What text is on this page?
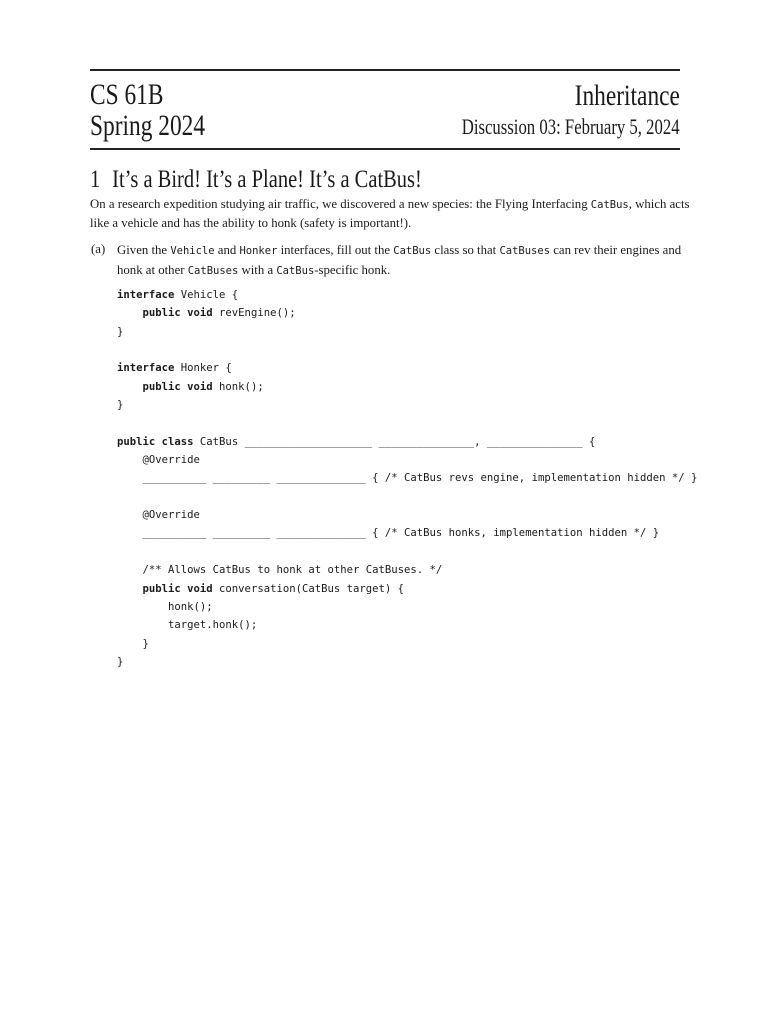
CS 61B
Spring 2024
Inheritance
Discussion 03: February 5, 2024
1 It’s a Bird! It’s a Plane! It’s a CatBus!
On a research expedition studying air traffic, we discovered a new species: the Flying Interfacing CatBus, which acts like a vehicle and has the ability to honk (safety is important!).
(a) Given the Vehicle and Honker interfaces, fill out the CatBus class so that CatBuses can rev their engines and honk at other CatBuses with a CatBus-specific honk.
interface Vehicle {
public void revEngine();
}
interface Honker {
public void honk();
}
public class CatBus ____________________ _______________, _______________ {
@Override
__________ _________ ______________ { /* CatBus revs engine, implementation hidden */ }
@Override
__________ _________ ______________ { /* CatBus honks, implementation hidden */ }
/** Allows CatBus to honk at other CatBuses. */
public void conversation(CatBus target) {
honk();
target.honk();
}
}
